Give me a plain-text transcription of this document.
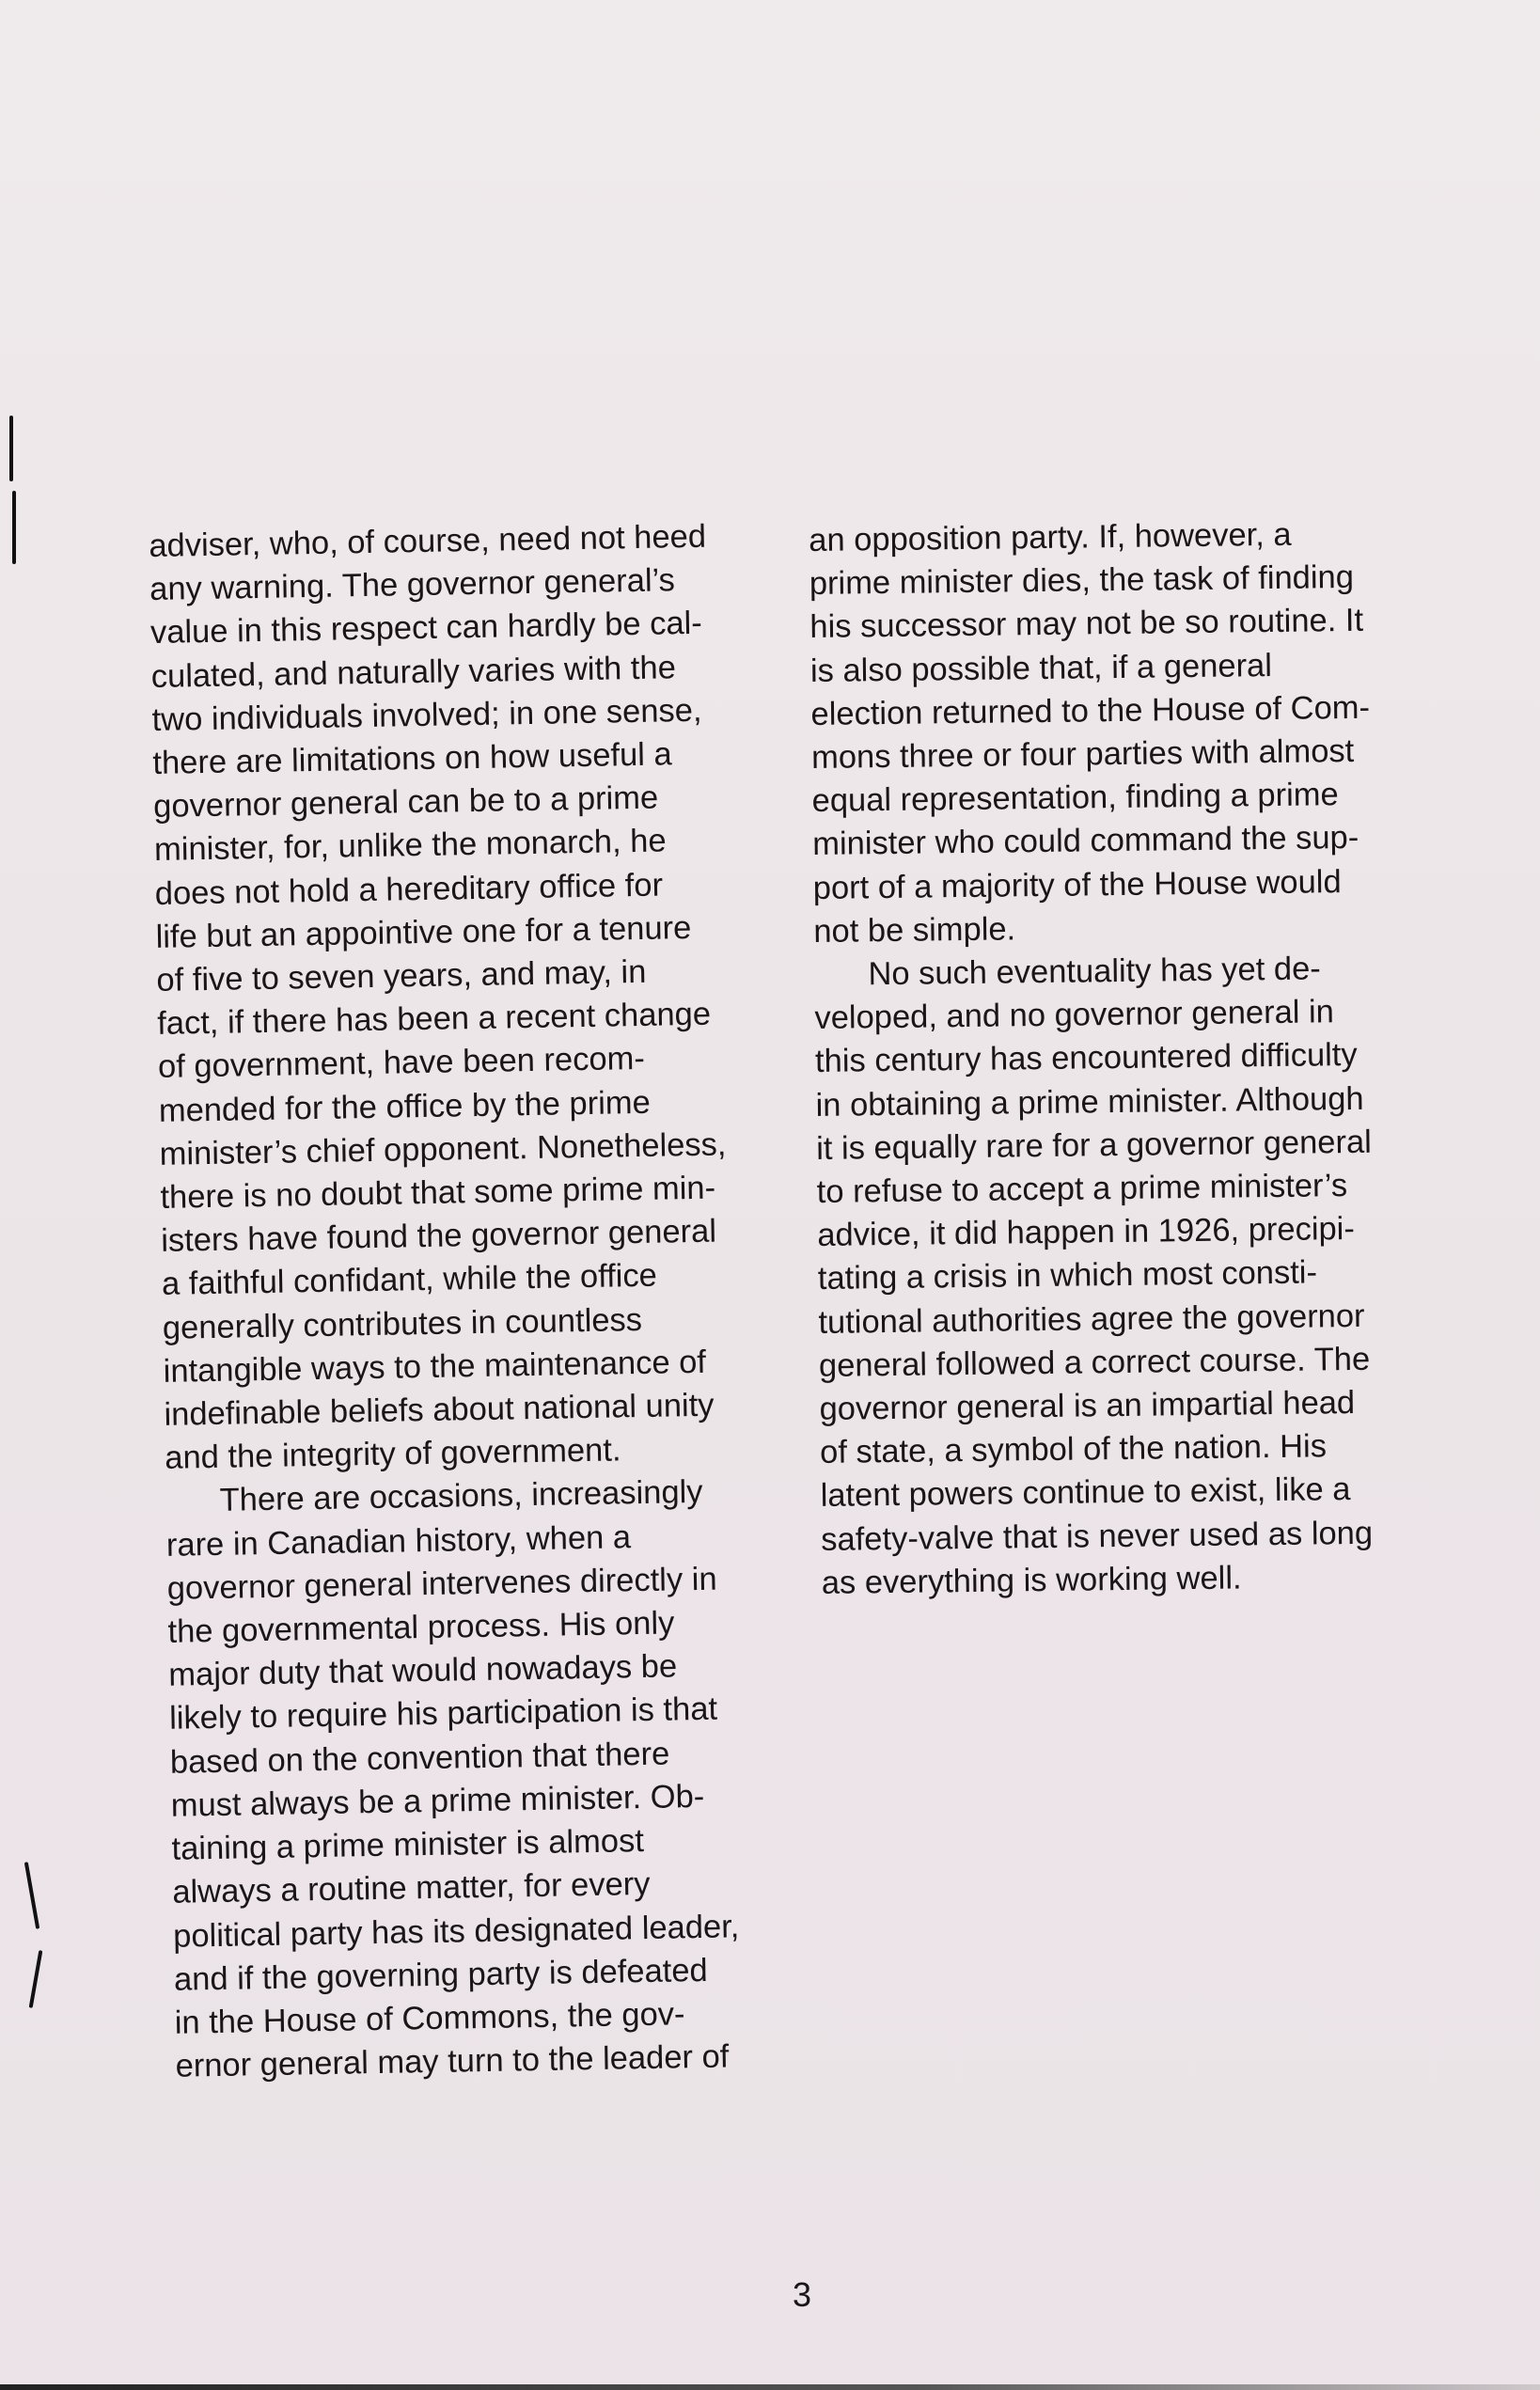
adviser, who, of course, need not heed
any warning. The governor general’s
value in this respect can hardly be cal-
culated, and naturally varies with the
two individuals involved; in one sense,
there are limitations on how useful a
governor general can be to a prime
minister, for, unlike the monarch, he
does not hold a hereditary office for
life but an appointive one for a tenure
of five to seven years, and may, in
fact, if there has been a recent change
of government, have been recom-
mended for the office by the prime
minister’s chief opponent. Nonetheless,
there is no doubt that some prime min-
isters have found the governor general
a faithful confidant, while the office
generally contributes in countless
intangible ways to the maintenance of
indefinable beliefs about national unity
and the integrity of government.
There are occasions, increasingly
rare in Canadian history, when a
governor general intervenes directly in
the governmental process. His only
major duty that would nowadays be
likely to require his participation is that
based on the convention that there
must always be a prime minister. Ob-
taining a prime minister is almost
always a routine matter, for every
political party has its designated leader,
and if the governing party is defeated
in the House of Commons, the gov-
ernor general may turn to the leader of
an opposition party. If, however, a
prime minister dies, the task of finding
his successor may not be so routine. It
is also possible that, if a general
election returned to the House of Com-
mons three or four parties with almost
equal representation, finding a prime
minister who could command the sup-
port of a majority of the House would
not be simple.
No such eventuality has yet de-
veloped, and no governor general in
this century has encountered difficulty
in obtaining a prime minister. Although
it is equally rare for a governor general
to refuse to accept a prime minister’s
advice, it did happen in 1926, precipi-
tating a crisis in which most consti-
tutional authorities agree the governor
general followed a correct course. The
governor general is an impartial head
of state, a symbol of the nation. His
latent powers continue to exist, like a
safety-valve that is never used as long
as everything is working well.
3
